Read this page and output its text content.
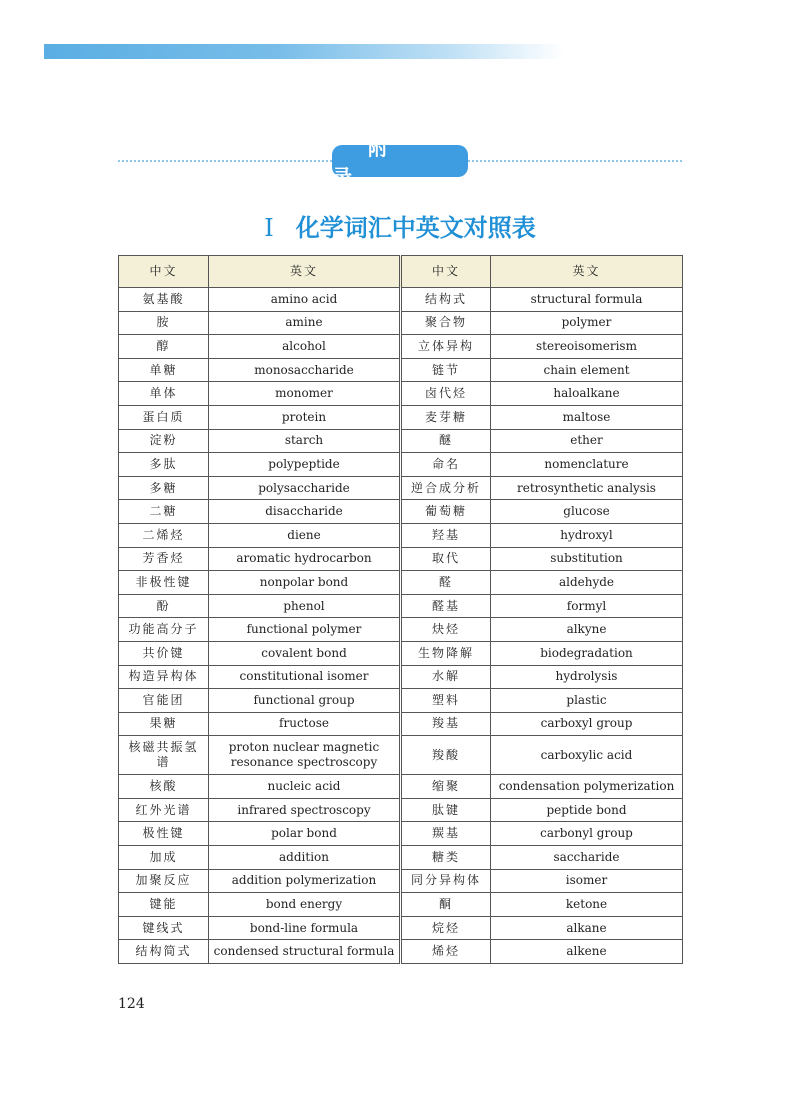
附录
I 化学词汇中英文对照表
中文	英文	中文	英文
氨基酸	amino acid	结构式	structural formula
胺	amine	聚合物	polymer
醇	alcohol	立体异构	stereoisomerism
单糖	monosaccharide	链节	chain element
单体	monomer	卤代烃	haloalkane
蛋白质	protein	麦芽糖	maltose
淀粉	starch	醚	ether
多肽	polypeptide	命名	nomenclature
多糖	polysaccharide	逆合成分析	retrosynthetic analysis
二糖	disaccharide	葡萄糖	glucose
二烯烃	diene	羟基	hydroxyl
芳香烃	aromatic hydrocarbon	取代	substitution
非极性键	nonpolar bond	醛	aldehyde
酚	phenol	醛基	formyl
功能高分子	functional polymer	炔烃	alkyne
共价键	covalent bond	生物降解	biodegradation
构造异构体	constitutional isomer	水解	hydrolysis
官能团	functional group	塑料	plastic
果糖	fructose	羧基	carboxyl group
核磁共振氢谱	proton nuclear magnetic resonance spectroscopy	羧酸	carboxylic acid
核酸	nucleic acid	缩聚	condensation polymerization
红外光谱	infrared spectroscopy	肽键	peptide bond
极性键	polar bond	羰基	carbonyl group
加成	addition	糖类	saccharide
加聚反应	addition polymerization	同分异构体	isomer
键能	bond energy	酮	ketone
键线式	bond-line formula	烷烃	alkane
结构简式	condensed structural formula	烯烃	alkene
124
